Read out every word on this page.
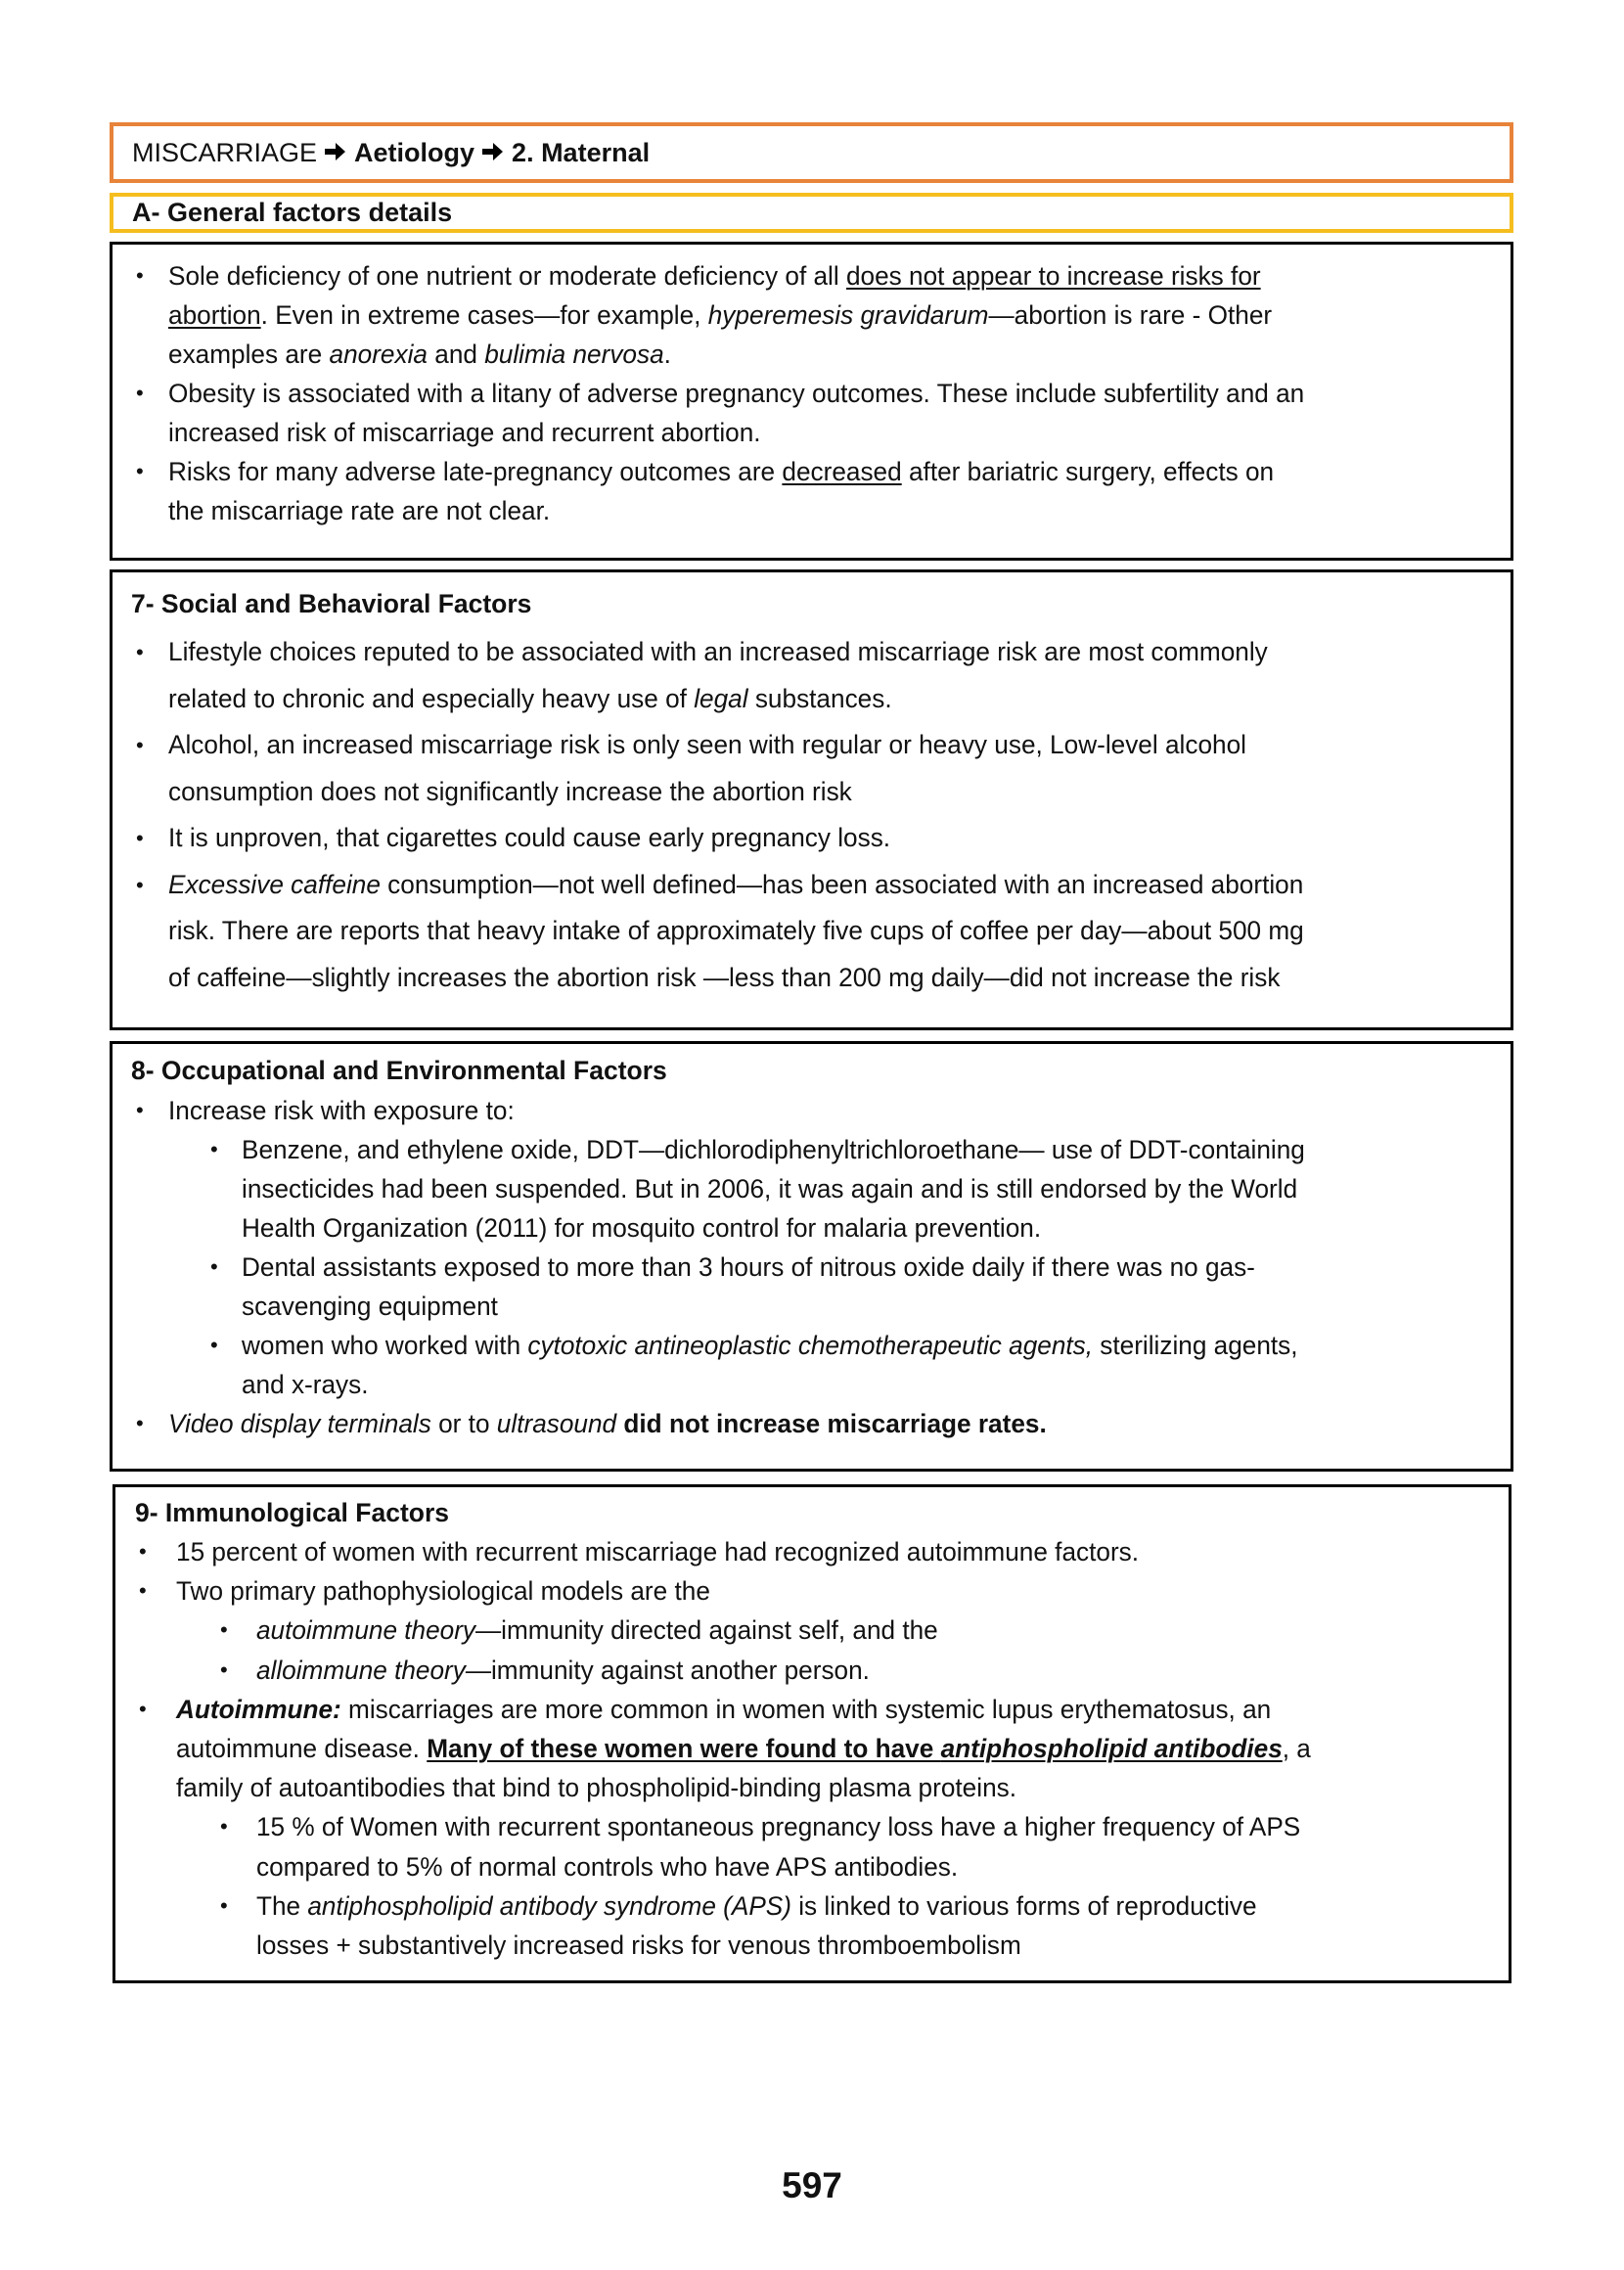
MISCARRIAGE Aetiology 2. Maternal
A- General factors details
• Sole deficiency of one nutrient or moderate deficiency of all does not appear to increase risks for
abortion. Even in extreme cases—for example, hyperemesis gravidarum—abortion is rare - Other
examples are anorexia and bulimia nervosa.
• Obesity is associated with a litany of adverse pregnancy outcomes. These include subfertility and an
increased risk of miscarriage and recurrent abortion.
• Risks for many adverse late-pregnancy outcomes are decreased after bariatric surgery, effects on
the miscarriage rate are not clear.
7- Social and Behavioral Factors
• Lifestyle choices reputed to be associated with an increased miscarriage risk are most commonly
related to chronic and especially heavy use of legal substances.
• Alcohol, an increased miscarriage risk is only seen with regular or heavy use, Low-level alcohol
consumption does not significantly increase the abortion risk
• It is unproven, that cigarettes could cause early pregnancy loss.
• Excessive caffeine consumption—not well defined—has been associated with an increased abortion
risk. There are reports that heavy intake of approximately five cups of coffee per day—about 500 mg
of caffeine—slightly increases the abortion risk —less than 200 mg daily—did not increase the risk
8- Occupational and Environmental Factors
• Increase risk with exposure to:
• Benzene, and ethylene oxide, DDT—dichlorodiphenyltrichloroethane— use of DDT-containing
insecticides had been suspended. But in 2006, it was again and is still endorsed by the World
Health Organization (2011) for mosquito control for malaria prevention.
• Dental assistants exposed to more than 3 hours of nitrous oxide daily if there was no gas-
scavenging equipment
• women who worked with cytotoxic antineoplastic chemotherapeutic agents, sterilizing agents,
and x-rays.
• Video display terminals or to ultrasound did not increase miscarriage rates.
9- Immunological Factors
• 15 percent of women with recurrent miscarriage had recognized autoimmune factors.
• Two primary pathophysiological models are the
• autoimmune theory—immunity directed against self, and the
• alloimmune theory—immunity against another person.
• Autoimmune: miscarriages are more common in women with systemic lupus erythematosus, an
autoimmune disease. Many of these women were found to have antiphospholipid antibodies, a
family of autoantibodies that bind to phospholipid-binding plasma proteins.
• 15 % of Women with recurrent spontaneous pregnancy loss have a higher frequency of APS
compared to 5% of normal controls who have APS antibodies.
• The antiphospholipid antibody syndrome (APS) is linked to various forms of reproductive
losses + substantively increased risks for venous thromboembolism
597
